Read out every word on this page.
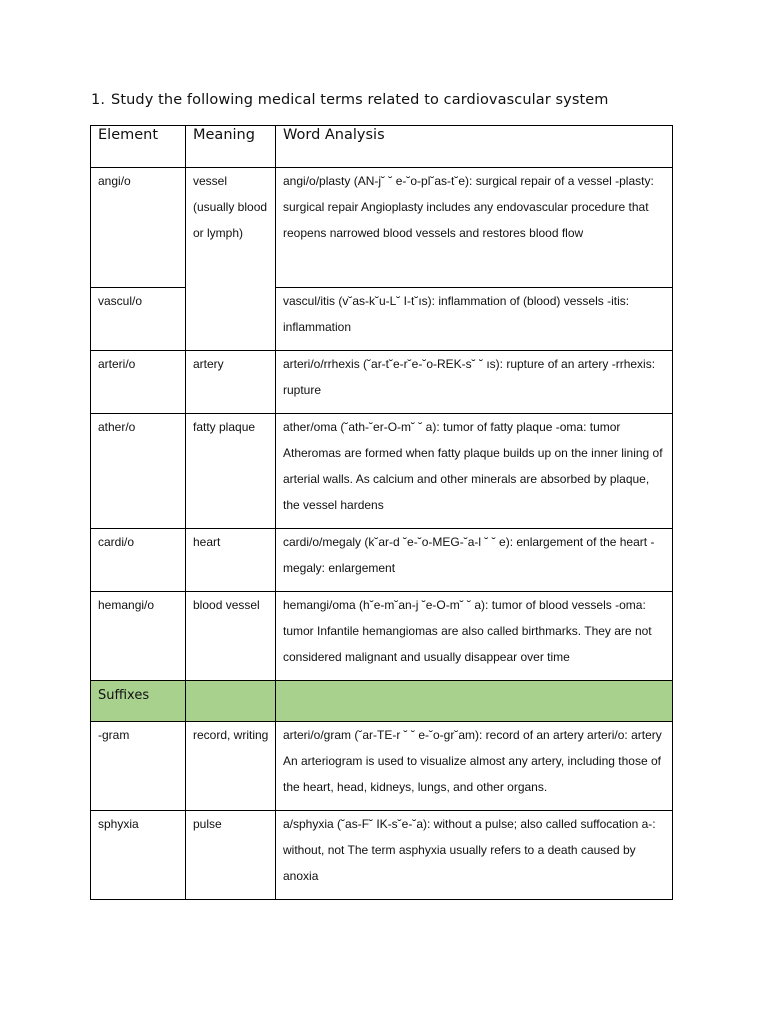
1. Study the following medical terms related to cardiovascular system
Element	Meaning	Word Analysis
angi/o	vessel (usually blood or lymph)	angi/o/plasty (AN-j˘ ˘ e-˘o-pl˘as-t˘e): surgical repair of a vessel -plasty: surgical repair Angioplasty includes any endovascular procedure that reopens narrowed blood vessels and restores blood flow
vascul/o		vascul/itis (v˘as-k˘u-L˘ I-t˘ıs): inflammation of (blood) vessels -itis: inflammation
arteri/o	artery	arteri/o/rrhexis (˘ar-t˘e-r˘e-˘o-REK-s˘ ˘ ıs): rupture of an artery -rrhexis: rupture
ather/o	fatty plaque	ather/oma (˘ath-˘er-O-m˘ ˘ a): tumor of fatty plaque -oma: tumor Atheromas are formed when fatty plaque builds up on the inner lining of arterial walls. As calcium and other minerals are absorbed by plaque, the vessel hardens
cardi/o	heart	cardi/o/megaly (k˘ar-d ˘e-˘o-MEG-˘a-l ˘ ˘ e): enlargement of the heart -megaly: enlargement
hemangi/o	blood vessel	hemangi/oma (h˘e-m˘an-j ˘e-O-m˘ ˘ a): tumor of blood vessels -oma: tumor Infantile hemangiomas are also called birthmarks. They are not considered malignant and usually disappear over time
Suffixes		
-gram	record, writing	arteri/o/gram (˘ar-TE-r ˘ ˘ e-˘o-gr˘am): record of an artery arteri/o: artery An arteriogram is used to visualize almost any artery, including those of the heart, head, kidneys, lungs, and other organs.
sphyxia	pulse	a/sphyxia (˘as-F˘ IK-s˘e-˘a): without a pulse; also called suffocation a-: without, not The term asphyxia usually refers to a death caused by anoxia
